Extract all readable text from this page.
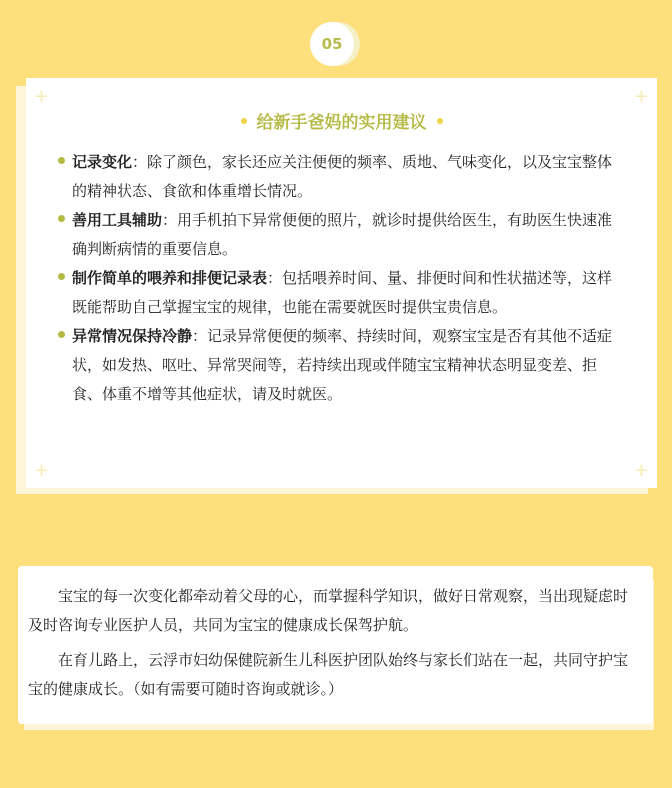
05
+	+
+	+
给新手爸妈的实用建议
记录变化：除了颜色，家长还应关注便便的频率、质地、气味变化，以及宝宝整体的精神状态、食欲和体重增长情况。
善用工具辅助：用手机拍下异常便便的照片，就诊时提供给医生，有助医生快速准确判断病情的重要信息。
制作简单的喂养和排便记录表：包括喂养时间、量、排便时间和性状描述等，这样既能帮助自己掌握宝宝的规律，也能在需要就医时提供宝贵信息。
异常情况保持冷静：记录异常便便的频率、持续时间，观察宝宝是否有其他不适症状，如发热、呕吐、异常哭闹等，若持续出现或伴随宝宝精神状态明显变差、拒食、体重不增等其他症状，请及时就医。

宝宝的每一次变化都牵动着父母的心，而掌握科学知识，做好日常观察，当出现疑虑时及时咨询专业医护人员，共同为宝宝的健康成长保驾护航。

在育儿路上，云浮市妇幼保健院新生儿科医护团队始终与家长们站在一起，共同守护宝宝的健康成长。（如有需要可随时咨询或就诊。）
